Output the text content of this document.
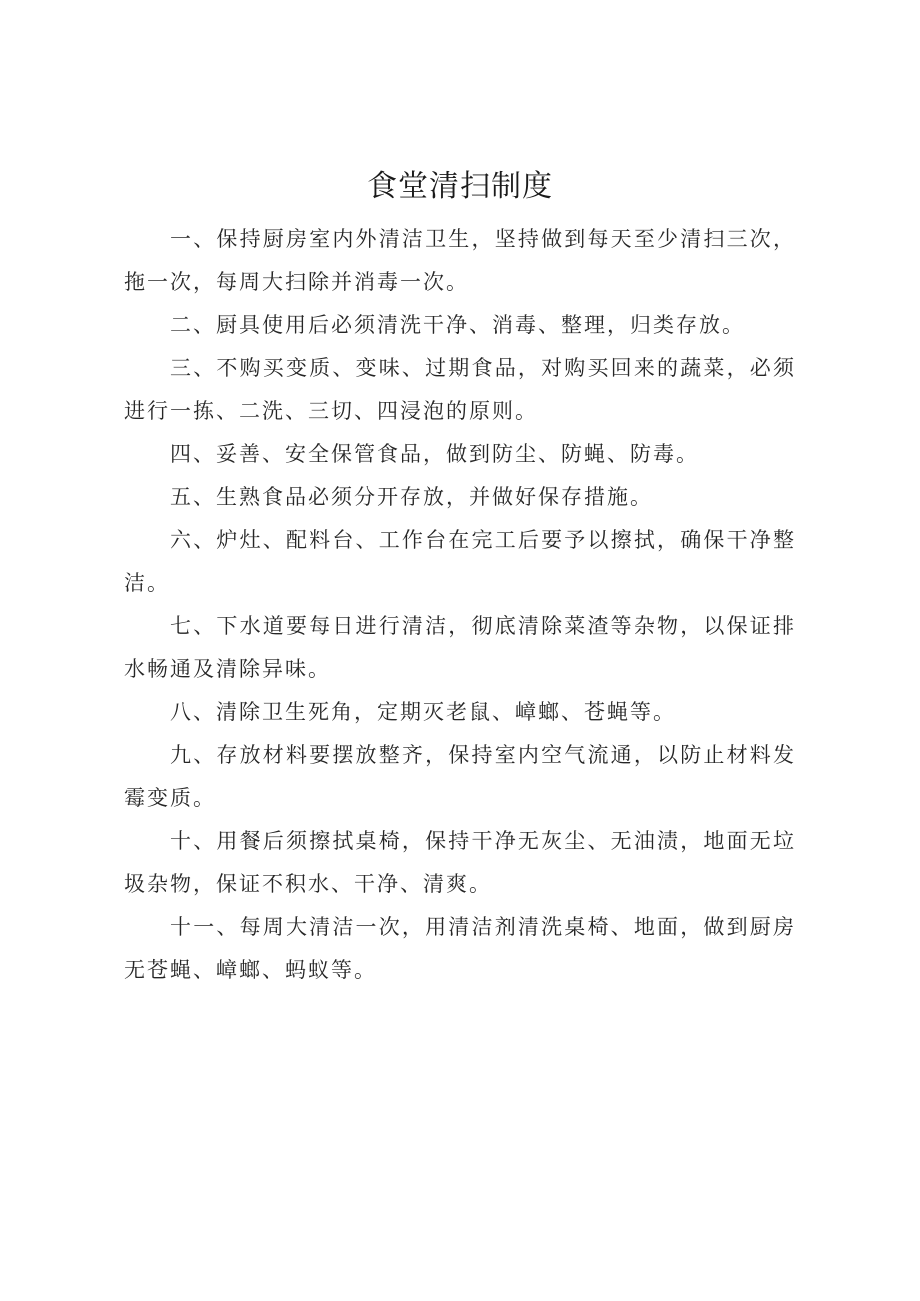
食堂清扫制度

一、保持厨房室内外清洁卫生，坚持做到每天至少清扫三次，拖一次，每周大扫除并消毒一次。

二、厨具使用后必须清洗干净、消毒、整理，归类存放。

三、不购买变质、变味、过期食品，对购买回来的蔬菜，必须进行一拣、二洗、三切、四浸泡的原则。

四、妥善、安全保管食品，做到防尘、防蝇、防毒。

五、生熟食品必须分开存放，并做好保存措施。

六、炉灶、配料台、工作台在完工后要予以擦拭，确保干净整洁。

七、下水道要每日进行清洁，彻底清除菜渣等杂物，以保证排水畅通及清除异味。

八、清除卫生死角，定期灭老鼠、嶂螂、苍蝇等。

九、存放材料要摆放整齐，保持室内空气流通，以防止材料发霉变质。

十、用餐后须擦拭桌椅，保持干净无灰尘、无油渍，地面无垃圾杂物，保证不积水、干净、清爽。

十一、每周大清洁一次，用清洁剂清洗桌椅、地面，做到厨房无苍蝇、嶂螂、蚂蚁等。
